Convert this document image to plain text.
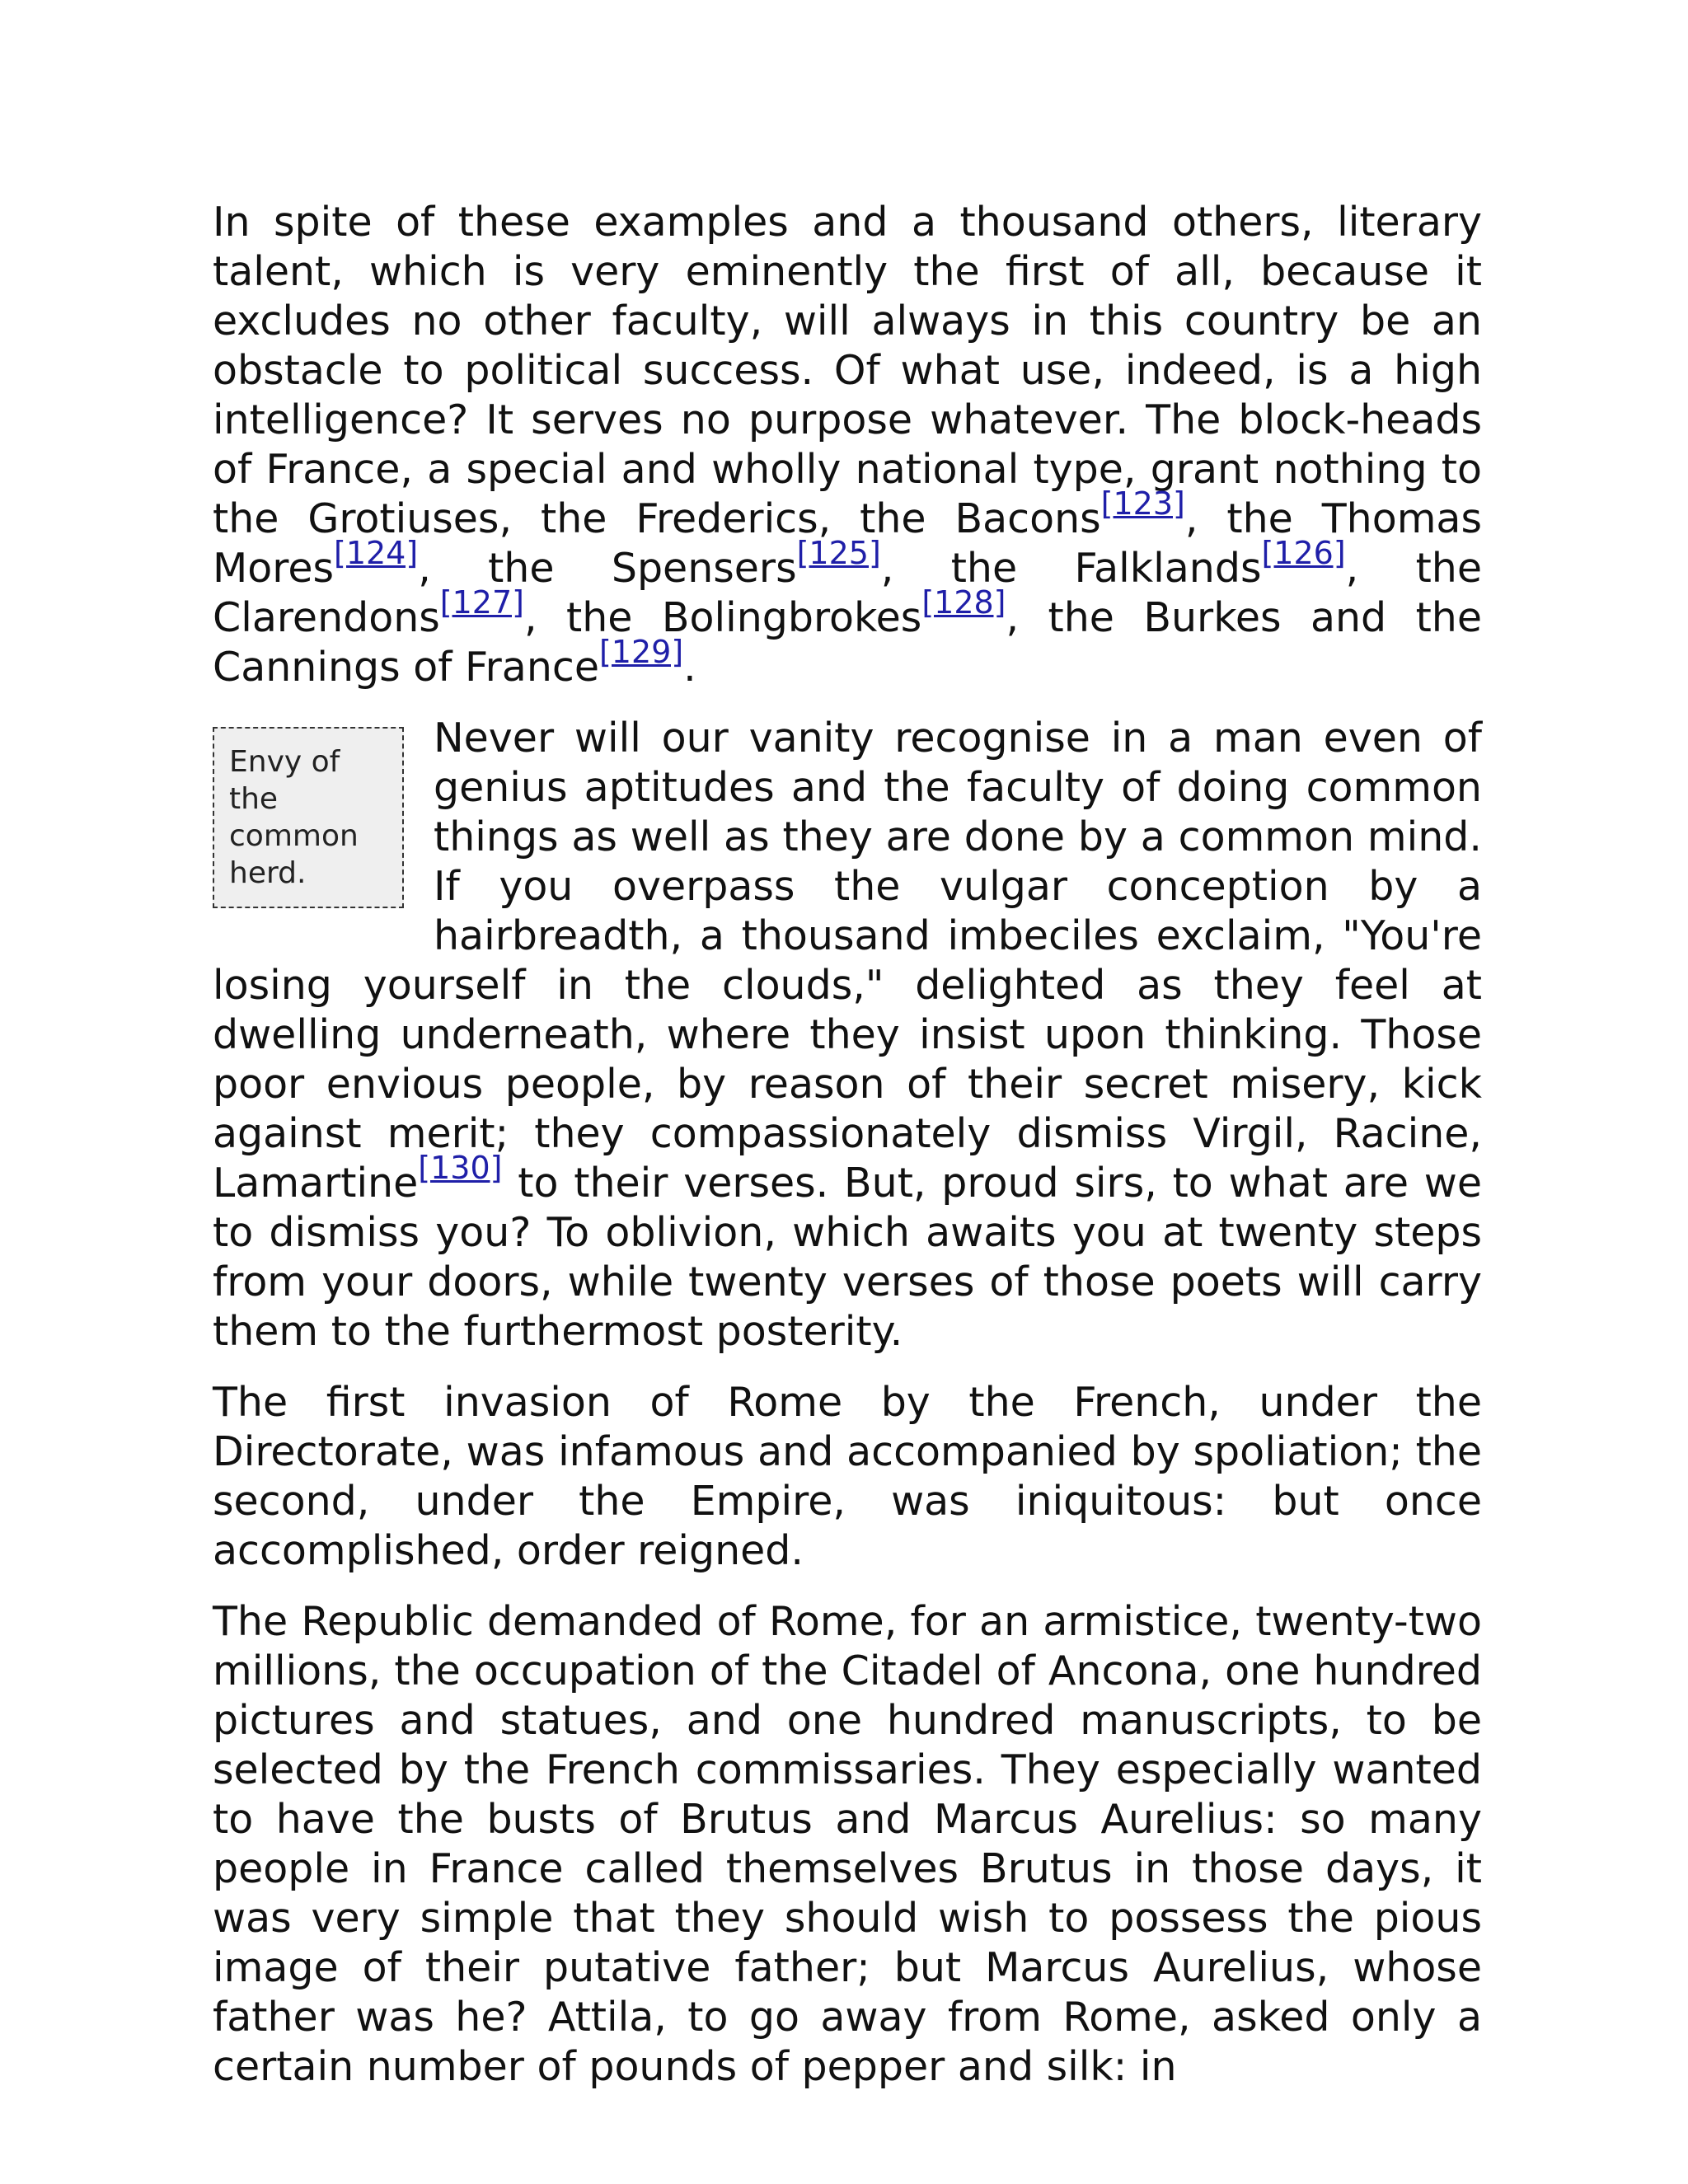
In spite of these examples and a thousand others, literary talent, which is very eminently the first of all, because it excludes no other faculty, will always in this country be an obstacle to political success. Of what use, indeed, is a high intelligence? It serves no purpose whatever. The block-heads of France, a special and wholly national type, grant nothing to the Grotiuses, the Frederics, the Bacons[123], the Thomas Mores[124], the Spensers[125], the Falklands[126], the Clarendons[127], the Bolingbrokes[128], the Burkes and the Cannings of France[129].

Envy of the common herd.

Never will our vanity recognise in a man even of genius aptitudes and the faculty of doing common things as well as they are done by a common mind. If you overpass the vulgar conception by a hairbreadth, a thousand imbeciles exclaim, "You're losing yourself in the clouds," delighted as they feel at dwelling underneath, where they insist upon thinking. Those poor envious people, by reason of their secret misery, kick against merit; they compassionately dismiss Virgil, Racine, Lamartine[130] to their verses. But, proud sirs, to what are we to dismiss you? To oblivion, which awaits you at twenty steps from your doors, while twenty verses of those poets will carry them to the furthermost posterity.

The first invasion of Rome by the French, under the Directorate, was infamous and accompanied by spoliation; the second, under the Empire, was iniquitous: but once accomplished, order reigned.

The Republic demanded of Rome, for an armistice, twenty-two millions, the occupation of the Citadel of Ancona, one hundred pictures and statues, and one hundred manuscripts, to be selected by the French commissaries. They especially wanted to have the busts of Brutus and Marcus Aurelius: so many people in France called themselves Brutus in those days, it was very simple that they should wish to possess the pious image of their putative father; but Marcus Aurelius, whose father was he? Attila, to go away from Rome, asked only a certain number of pounds of pepper and silk: in
